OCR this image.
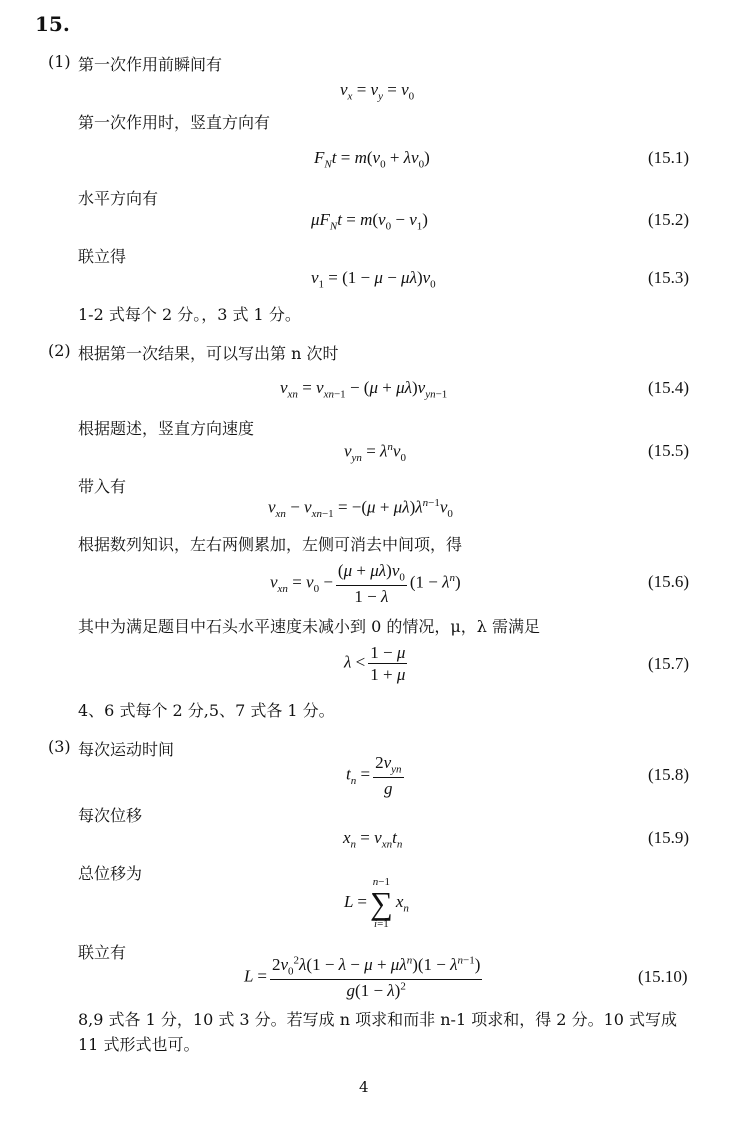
15.
(1) 第一次作用前瞬间有
$v_x = v_y = v_0$
第一次作用时，竖直方向有
$F_Nt = m(v_0 + \lambda v_0)$	(15.1)
水平方向有
$\mu F_Nt = m(v_0 - v_1)$	(15.2)
联立得
$v_1 = (1 - \mu - \mu\lambda)v_0$	(15.3)
1-2 式每个 2 分。，3 式 1 分。
(2) 根据第一次结果，可以写出第 n 次时
$v_{xn} = v_{xn-1} - (\mu + \mu\lambda)v_{yn-1}$	(15.4)
根据题述，竖直方向速度
$v_{yn} = \lambda^nv_0$	(15.5)
带入有
$v_{xn} - v_{xn-1} = -(\mu + \mu\lambda)\lambda^{n-1}v_0$
根据数列知识，左右两侧累加，左侧可消去中间项，得
$v_{xn} = v_0 - \frac{(\mu + \mu\lambda)v_0}{1 - \lambda} (1 - \lambda^n)$	(15.6)
其中为满足题目中石头水平速度未减小到 0 的情况，μ，λ 需满足
$\lambda < \frac{1 - \mu}{1 + \mu}$	(15.7)
4、6 式每个 2 分,5、7 式各 1 分。
(3) 每次运动时间
$t_n = \frac{2v_{yn}}{g}$	(15.8)
每次位移
$x_n = v_{xn}t_n$	(15.9)
总位移为
L =
n−1
∑
i=1
$x_n$
联立有
$L = \frac{2v_0^2\lambda(1 - \lambda - \mu + \mu\lambda^n)(1 - \lambda^{n-1})}{g(1 - \lambda)^2}$	(15.10)
8,9 式各 1 分，10 式 3 分。若写成 n 项求和而非 n-1 项求和，得 2 分。10 式写成
11 式形式也可。
4
